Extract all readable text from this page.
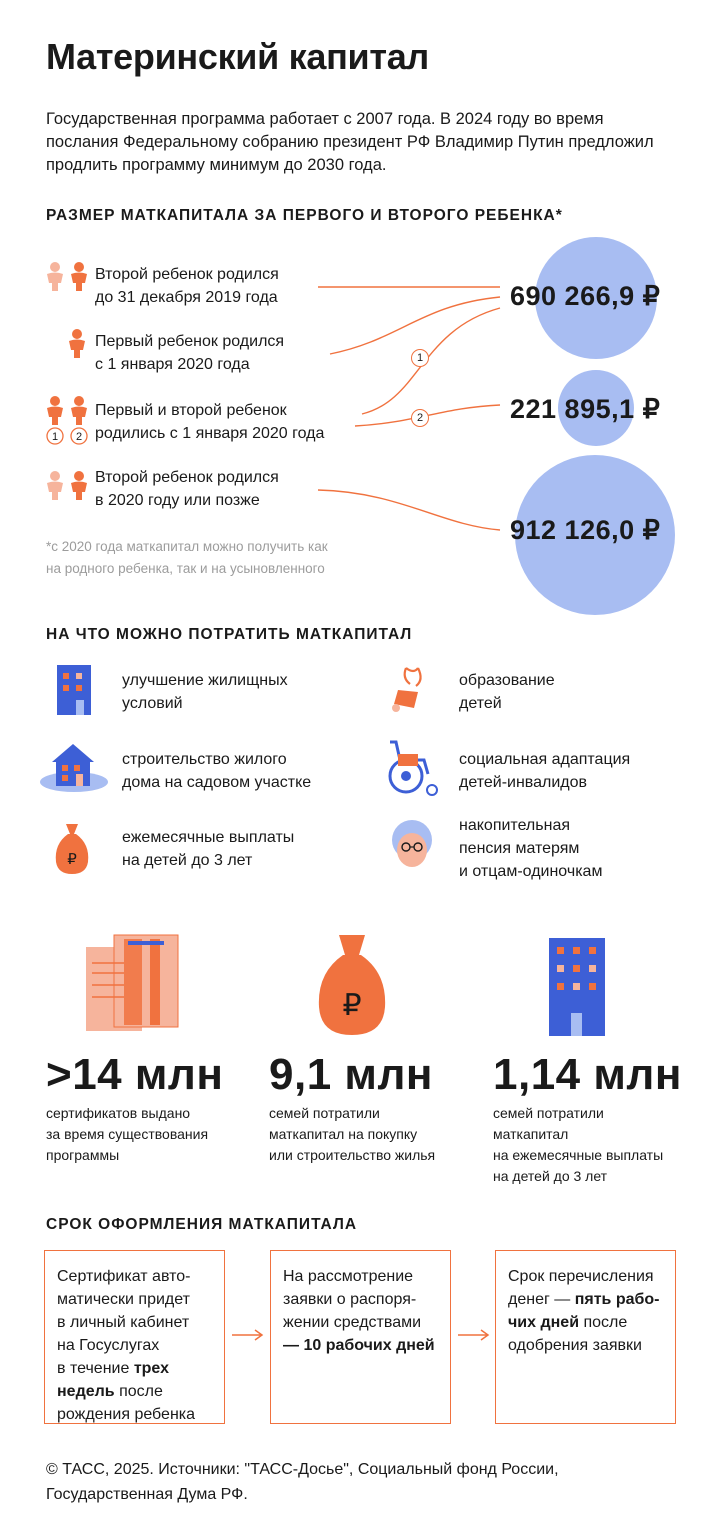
Материнский капитал

Государственная программа работает с 2007 года. В 2024 году во время послания Федеральному собранию президент РФ Владимир Путин предложил продлить программу минимум до 2030 года.

РАЗМЕР МАТКАПИТАЛА ЗА ПЕРВОГО И ВТОРОГО РЕБЕНКА*
1
2
690 266,9 ₽
221 895,1 ₽
912 126,0 ₽
Второй ребенок родился
до 31 декабря 2019 года
Первый ребенок родился
с 1 января 2020 года
1 2
Первый и второй ребенок
родились с 1 января 2020 года
Второй ребенок родился
в 2020 году или позже
*с 2020 года маткапитал можно получить как
на родного ребенка, так и на усыновленного
НА ЧТО МОЖНО ПОТРАТИТЬ МАТКАПИТАЛ
улучшение жилищных
условий
образование
детей
строительство жилого
дома на садовом участке
социальная адаптация
детей-инвалидов
₽
ежемесячные выплаты
на детей до 3 лет
накопительная
пенсия матерям
и отцам-одиночкам
₽
>14 млн 9,1 млн 1,14 млн
сертификатов выдано
за время существования
программы
семей потратили
маткапитал на покупку
или строительство жилья
семей потратили
маткапитал
на ежемесячные выплаты
на детей до 3 лет
СРОК ОФОРМЛЕНИЯ МАТКАПИТАЛА
Сертификат авто-
матически придет
в личный кабинет
на Госуслугах
в течение трех
недель после
рождения ребенка
На рассмотрение
заявки о распоря-
жении средствами
— 10 рабочих дней
Срок перечисления
денег — пять рабо-
чих дней после
одобрения заявки
© ТАСС, 2025. Источники: "ТАСС-Досье", Социальный фонд России,
Государственная Дума РФ.
